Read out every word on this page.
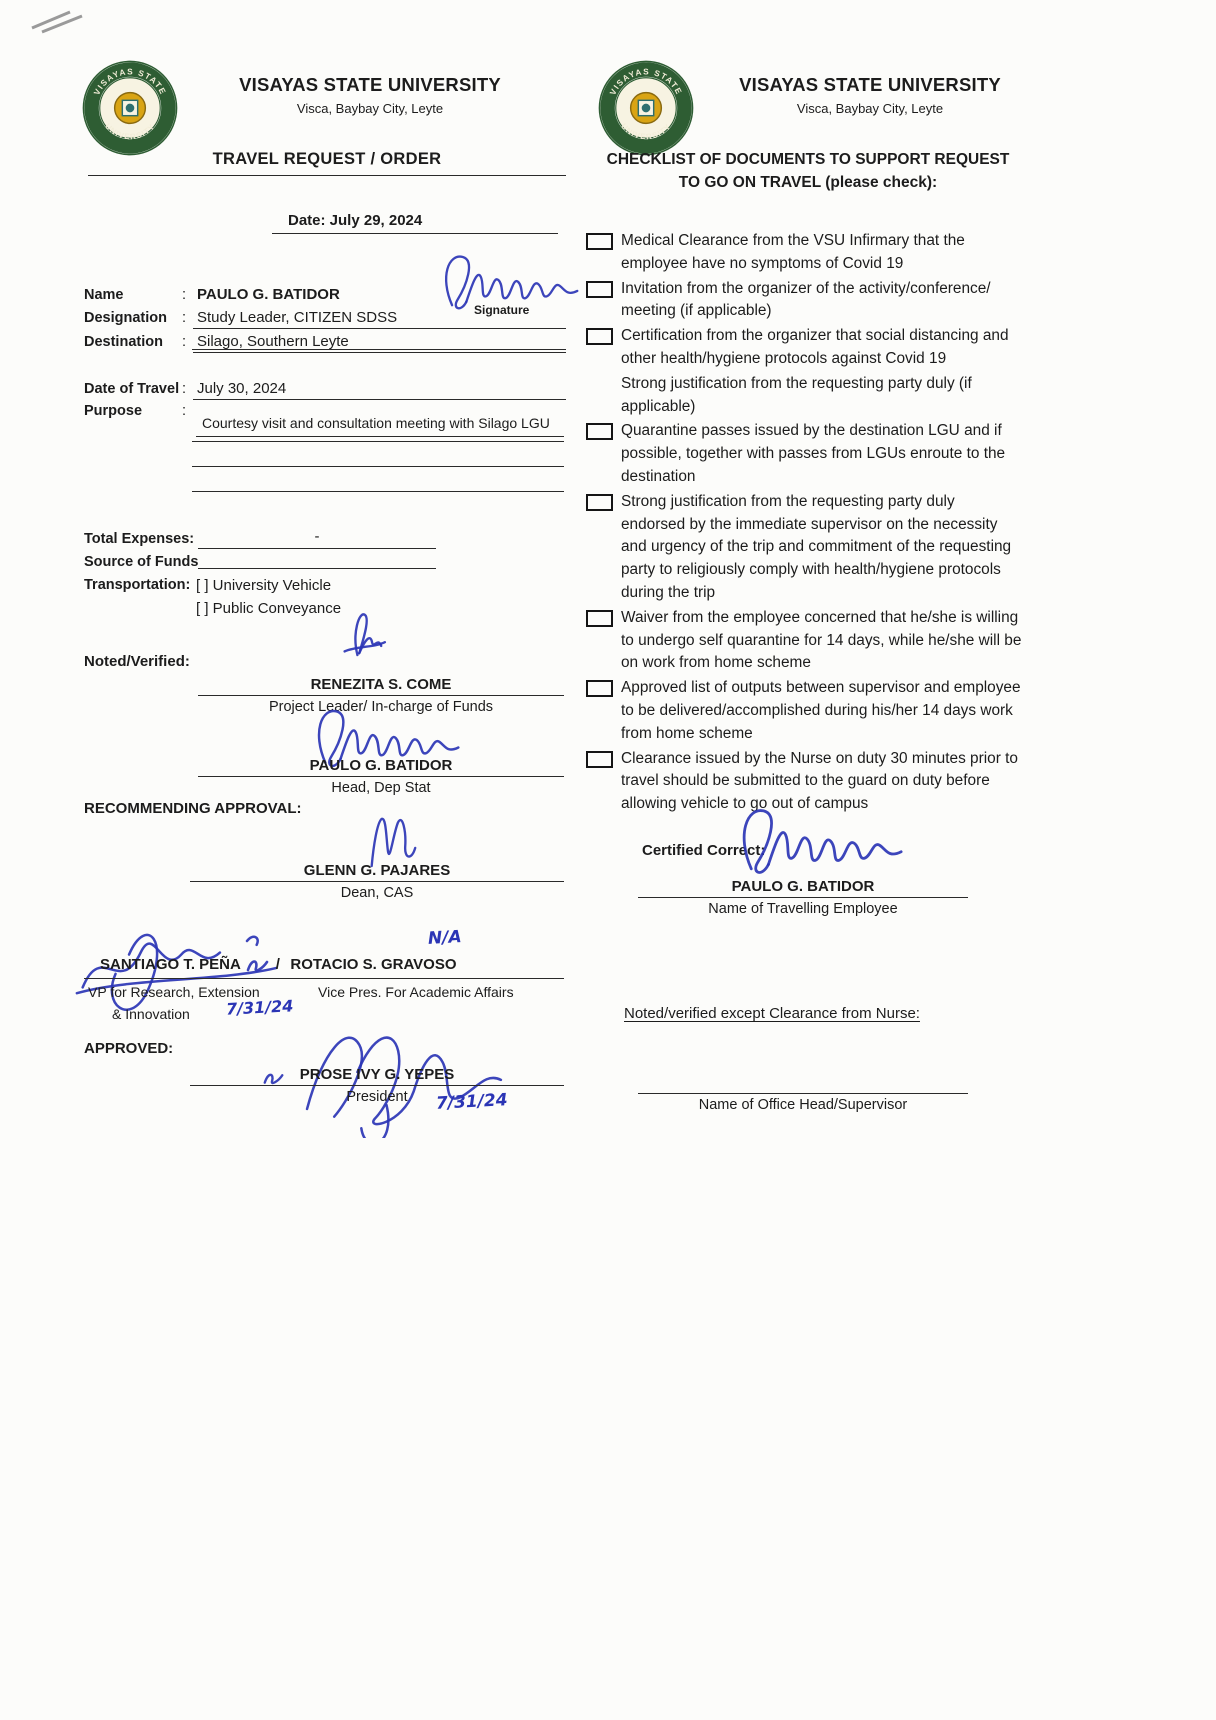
VISAYAS STATE
UNIVERSITY
VISAYAS STATE UNIVERSITY
Visca, Baybay City, Leyte
TRAVEL REQUEST / ORDER
Date: July 29, 2024
Signature
Name	: PAULO G. BATIDOR
Designation	: Study Leader, CITIZEN SDSS
Destination	: Silago, Southern Leyte
Date of Travel : July 30, 2024
Purpose	:
Courtesy visit and consultation meeting with Silago LGU
Total Expenses:	-
Source of Funds
Transportation: [ ] University Vehicle
[ ] Public Conveyance
Noted/Verified:
RENEZITA S. COME
Project Leader/ In-charge of Funds
PAULO G. BATIDOR
Head, Dep Stat
RECOMMENDING APPROVAL:
GLENN G. PAJARES
Dean, CAS
N/A
SANTIAGO T. PEÑA / ROTACIO S. GRAVOSO
VP for Research, Extension
& Innovation 7/31/24
Vice Pres. For Academic Affairs
APPROVED:
PROSE IVY G. YEPES
President	7/31/24
VISAYAS STATE
UNIVERSITY
VISAYAS STATE UNIVERSITY
Visca, Baybay City, Leyte
CHECKLIST OF DOCUMENTS TO SUPPORT REQUEST
TO GO ON TRAVEL (please check):
Medical Clearance from the VSU Infirmary that the employee have no symptoms of Covid 19
Invitation from the organizer of the activity/conference/ meeting (if applicable)
Certification from the organizer that social distancing and other health/hygiene protocols against Covid 19
Strong justification from the requesting party duly (if applicable)
Quarantine passes issued by the destination LGU and if possible, together with passes from LGUs enroute to the destination
Strong justification from the requesting party duly endorsed by the immediate supervisor on the necessity and urgency of the trip and commitment of the requesting party to religiously comply with health/hygiene protocols during the trip
Waiver from the employee concerned that he/she is willing to undergo self quarantine for 14 days, while he/she will be on work from home scheme
Approved list of outputs between supervisor and employee to be delivered/accomplished during his/her 14 days work from home scheme
Clearance issued by the Nurse on duty 30 minutes prior to travel should be submitted to the guard on duty before allowing vehicle to go out of campus
Certified Correct:
PAULO G. BATIDOR
Name of Travelling Employee
Noted/verified except Clearance from Nurse:
Name of Office Head/Supervisor
